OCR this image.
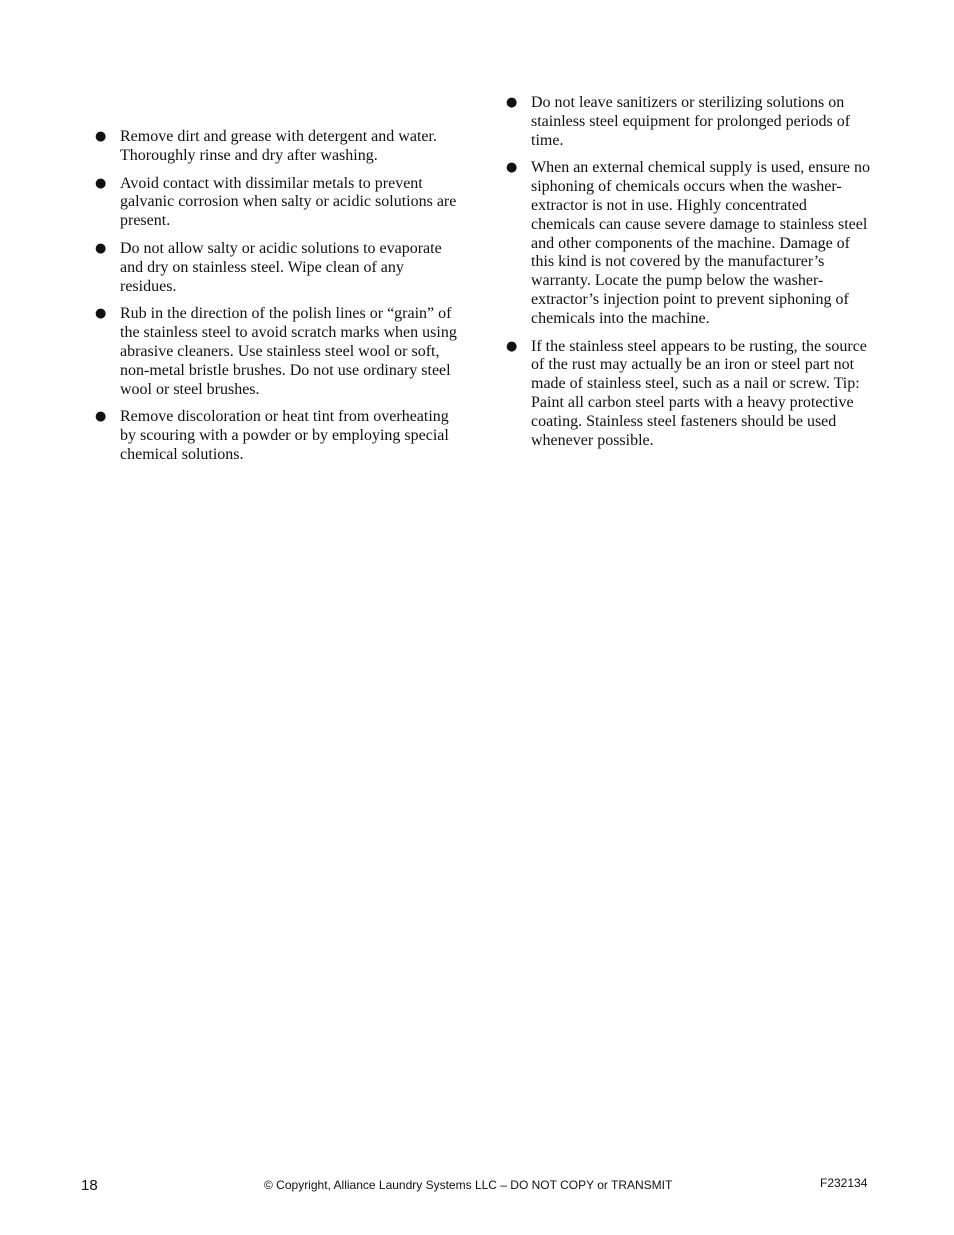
● Remove dirt and grease with detergent and water. Thoroughly rinse and dry after washing.
● Avoid contact with dissimilar metals to prevent galvanic corrosion when salty or acidic solutions are present.
● Do not allow salty or acidic solutions to evaporate and dry on stainless steel. Wipe clean of any residues.
● Rub in the direction of the polish lines or “grain” of the stainless steel to avoid scratch marks when using abrasive cleaners. Use stainless steel wool or soft, non-metal bristle brushes. Do not use ordinary steel wool or steel brushes.
● Remove discoloration or heat tint from overheating by scouring with a powder or by employing special chemical solutions.
● Do not leave sanitizers or sterilizing solutions on stainless steel equipment for prolonged periods of time.
● When an external chemical supply is used, ensure no siphoning of chemicals occurs when the washer-extractor is not in use. Highly concentrated chemicals can cause severe damage to stainless steel and other components of the machine. Damage of this kind is not covered by the manufacturer’s warranty. Locate the pump below the washer-extractor’s injection point to prevent siphoning of chemicals into the machine.
● If the stainless steel appears to be rusting, the source of the rust may actually be an iron or steel part not made of stainless steel, such as a nail or screw. Tip: Paint all carbon steel parts with a heavy protective coating. Stainless steel fasteners should be used whenever possible.
18	© Copyright, Alliance Laundry Systems LLC – DO NOT COPY or TRANSMIT	F232134
